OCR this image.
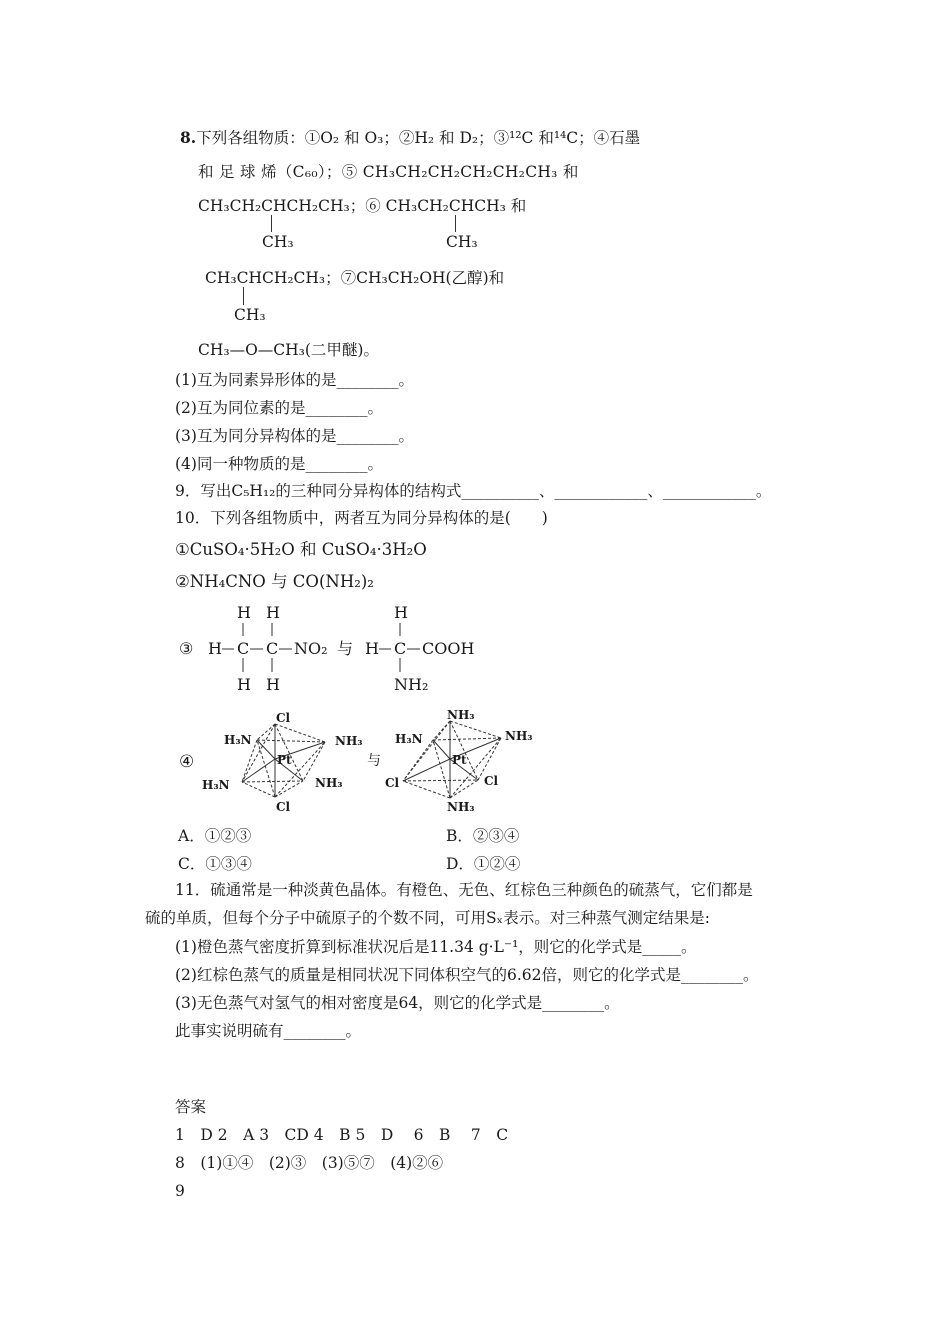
8.下列各组物质：①O₂ 和 O₃；②H₂ 和 D₂；③¹²C 和¹⁴C；④石墨
和 足 球 烯（C₆₀）；⑤ CH₃CH₂CH₂CH₂CH₂CH₃ 和
CH₃CH₂CHCH₂CH₃；⑥ CH₃CH₂CHCH₃ 和
CH₃	CH₃
CH₃CHCH₂CH₃；⑦CH₃CH₂OH(乙醇)和
CH₃
CH₃—O—CH₃(二甲醚)。
(1)互为同素异形体的是________。
(2)互为同位素的是________。
(3)互为同分异构体的是________。
(4)同一种物质的是________。
9．写出C₅H₁₂的三种同分异构体的结构式__________、____________、____________。
10．下列各组物质中，两者互为同分异构体的是(　　)
①CuSO₄·5H₂O 和 CuSO₄·3H₂O
②NH₄CNO 与 CO(NH₂)₂
③ H C C NO₂
H H
H H
与 H C COOH
H
NH₂
④
Cl
Cl
H₃N
H₃N
NH₃
NH₃
Pt	与
NH₃
NH₃
H₃N
Cl
NH₃
Cl
Pt
A．①②③	B．②③④
C．①③④	D．①②④
11．硫通常是一种淡黄色晶体。有橙色、无色、红棕色三种颜色的硫蒸气，它们都是
硫的单质，但每个分子中硫原子的个数不同，可用Sₓ表示。对三种蒸气测定结果是:
(1)橙色蒸气密度折算到标准状况后是11.34 g·L⁻¹，则它的化学式是_____。
(2)红棕色蒸气的质量是相同状况下同体积空气的6.62倍，则它的化学式是________。
(3)无色蒸气对氢气的相对密度是64，则它的化学式是________。
此事实说明硫有________。
答案
1　D 2　A 3　CD 4　B 5　D　 6　B　 7　C
8　(1)①④　(2)③　(3)⑤⑦　(4)②⑥
9
